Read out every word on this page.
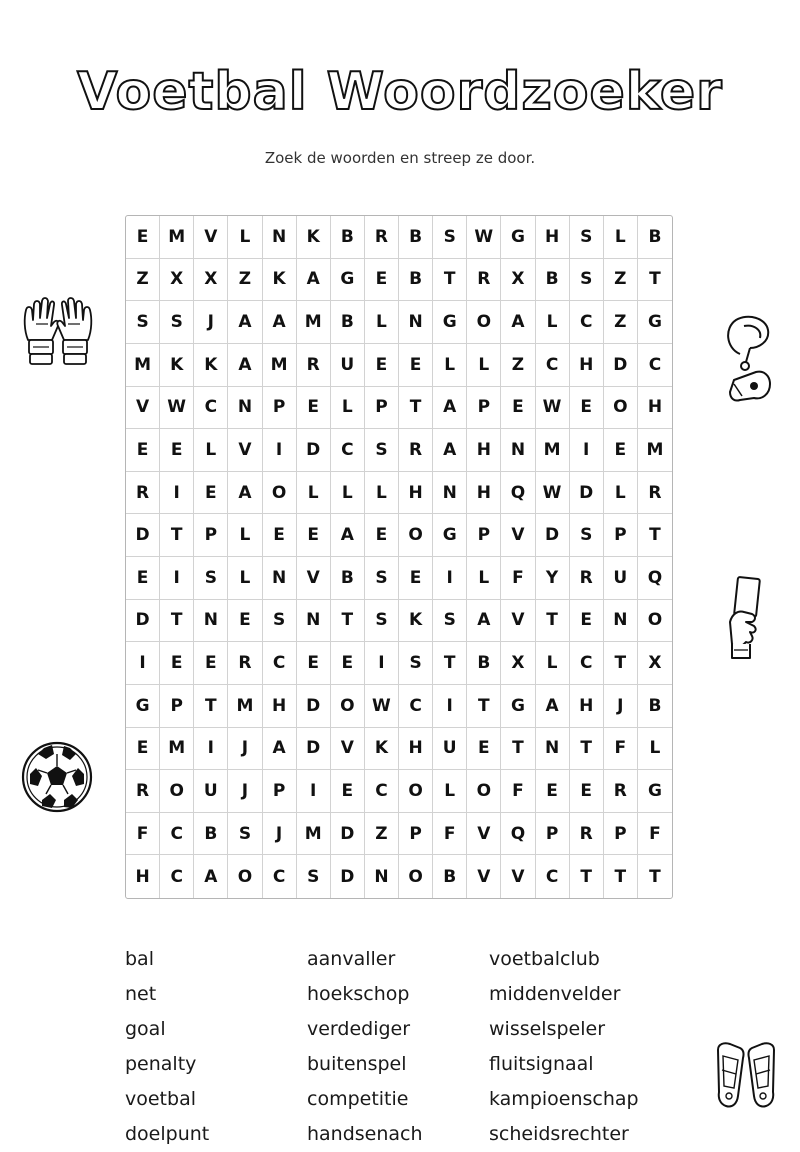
Voetbal Woordzoeker
Zoek de woorden en streep ze door.
E	M	V	L	N	K	B	R	B	S	W	G	H	S	L	B
Z	X	X	Z	K	A	G	E	B	T	R	X	B	S	Z	T
S	S	J	A	A	M	B	L	N	G	O	A	L	C	Z	G
M	K	K	A	M	R	U	E	E	L	L	Z	C	H	D	C
V	W	C	N	P	E	L	P	T	A	P	E	W	E	O	H
E	E	L	V	I	D	C	S	R	A	H	N	M	I	E	M
R	I	E	A	O	L	L	L	H	N	H	Q	W	D	L	R
D	T	P	L	E	E	A	E	O	G	P	V	D	S	P	T
E	I	S	L	N	V	B	S	E	I	L	F	Y	R	U	Q
D	T	N	E	S	N	T	S	K	S	A	V	T	E	N	O
I	E	E	R	C	E	E	I	S	T	B	X	L	C	T	X
G	P	T	M	H	D	O	W	C	I	T	G	A	H	J	B
E	M	I	J	A	D	V	K	H	U	E	T	N	T	F	L
R	O	U	J	P	I	E	C	O	L	O	F	E	E	R	G
F	C	B	S	J	M	D	Z	P	F	V	Q	P	R	P	F
H	C	A	O	C	S	D	N	O	B	V	V	C	T	T	T
bal	aanvaller	voetbalclub
net	hoekschop	middenvelder
goal	verdediger	wisselspeler
penalty	buitenspel	fluitsignaal
voetbal	competitie	kampioenschap
doelpunt	handsenach	scheidsrechter
